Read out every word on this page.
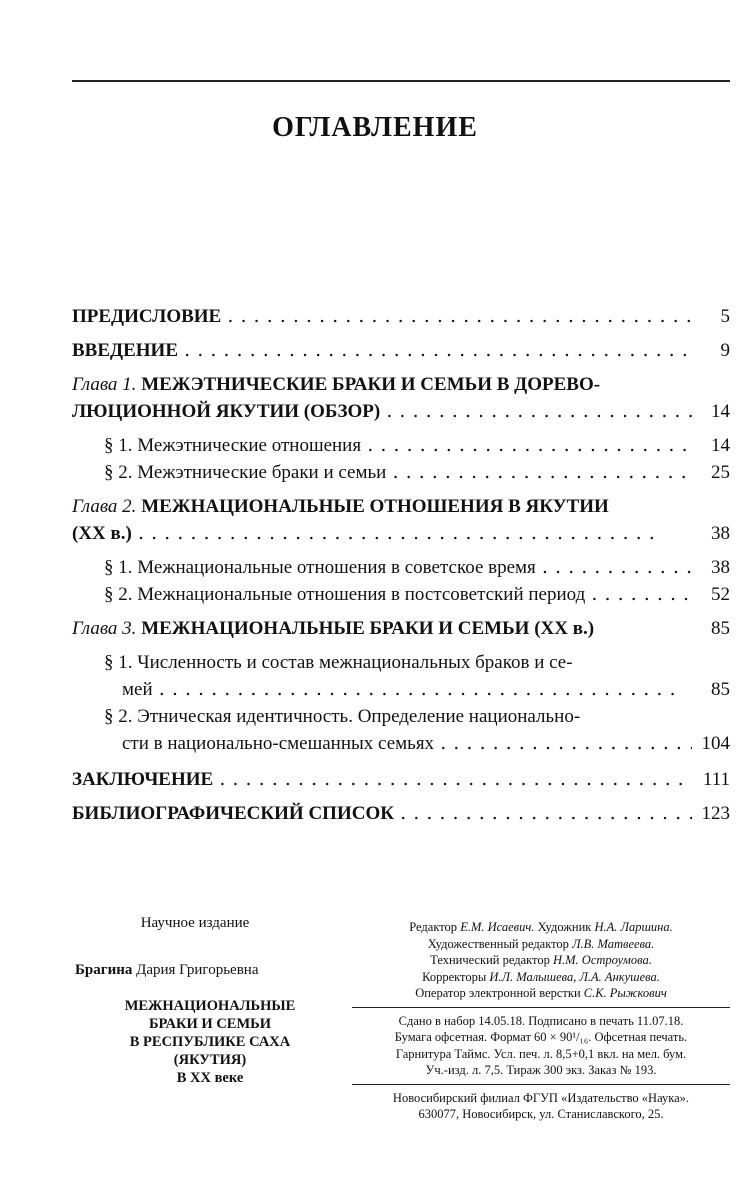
ОГЛАВЛЕНИЕ
ПРЕДИСЛОВИЕ ․ ․ ․ ․ ․ ․ ․ ․ ․ ․ ․ ․ ․ ․ ․ ․ ․ ․ ․ ․ ․ ․ ․ ․ ․ ․ ․ ․ ․ ․ ․ ․ ․ ․ ․ ․ ․ ․ ․ ․	5
ВВЕДЕНИЕ ․ ․ ․ ․ ․ ․ ․ ․ ․ ․ ․ ․ ․ ․ ․ ․ ․ ․ ․ ․ ․ ․ ․ ․ ․ ․ ․ ․ ․ ․ ․ ․ ․ ․ ․ ․ ․ ․ ․ ․	9
Глава 1.
МЕЖЭТНИЧЕСКИЕ БРАКИ И СЕМЬИ В ДОРЕВО-
ЛЮЦИОННОЙ ЯКУТИИ (ОБЗОР) ․ ․ ․ ․ ․ ․ ․ ․ ․ ․ ․ ․ ․ ․ ․ ․ ․ ․ ․ ․ ․ ․ ․ ․ ․ ․ ․ ․ ․ ․ ․ ․ ․ ․ ․ ․ ․ ․ ․ ․	14
§ 1. Межэтнические отношения ․ ․ ․ ․ ․ ․ ․ ․ ․ ․ ․ ․ ․ ․ ․ ․ ․ ․ ․ ․ ․ ․ ․ ․ ․ ․ ․ ․ ․ ․ ․ ․ ․ ․ ․ ․ ․ ․ ․ ․	14
§ 2. Межэтнические браки и семьи ․ ․ ․ ․ ․ ․ ․ ․ ․ ․ ․ ․ ․ ․ ․ ․ ․ ․ ․ ․ ․ ․ ․ ․ ․ ․ ․ ․ ․ ․ ․ ․ ․ ․ ․ ․ ․ ․ ․ ․	25
Глава 2.
МЕЖНАЦИОНАЛЬНЫЕ ОТНОШЕНИЯ В ЯКУТИИ
(XX в.) ․ ․ ․ ․ ․ ․ ․ ․ ․ ․ ․ ․ ․ ․ ․ ․ ․ ․ ․ ․ ․ ․ ․ ․ ․ ․ ․ ․ ․ ․ ․ ․ ․ ․ ․ ․ ․ ․ ․ ․	38
§ 1. Межнациональные отношения в советское время ․ ․ ․ ․ ․ ․ ․ ․ ․ ․ ․ ․ ․ ․ ․ ․ ․ ․ ․ ․ ․ ․ ․ ․ ․ ․ ․ ․ ․ ․ ․ ․ ․ ․ ․ ․ ․ ․ ․ ․	38
§ 2. Межнациональные отношения в постсоветский период ․ ․ ․ ․ ․ ․ ․ ․ ․ ․ ․ ․ ․ ․ ․ ․ ․ ․ ․ ․ ․ ․ ․ ․ ․ ․ ․ ․ ․ ․ ․ ․ ․ ․ ․ ․ ․ ․ ․ ․	52
Глава 3.
МЕЖНАЦИОНАЛЬНЫЕ БРАКИ И СЕМЬИ (XX в.)	85
§ 1. Численность и состав межнациональных браков и се-
мей ․ ․ ․ ․ ․ ․ ․ ․ ․ ․ ․ ․ ․ ․ ․ ․ ․ ․ ․ ․ ․ ․ ․ ․ ․ ․ ․ ․ ․ ․ ․ ․ ․ ․ ․ ․ ․ ․ ․ ․	85
§ 2. Этническая идентичность. Определение национально-
сти в национально-смешанных семьях ․ ․ ․ ․ ․ ․ ․ ․ ․ ․ ․ ․ ․ ․ ․ ․ ․ ․ ․ ․ ․ ․ ․ ․ ․ ․ ․ ․ ․ ․ ․ ․ ․ ․ ․ ․ ․ ․ ․ ․	104
ЗАКЛЮЧЕНИЕ ․ ․ ․ ․ ․ ․ ․ ․ ․ ․ ․ ․ ․ ․ ․ ․ ․ ․ ․ ․ ․ ․ ․ ․ ․ ․ ․ ․ ․ ․ ․ ․ ․ ․ ․ ․ ․ ․ ․ ․	111
БИБЛИОГРАФИЧЕСКИЙ СПИСОК ․ ․ ․ ․ ․ ․ ․ ․ ․ ․ ․ ․ ․ ․ ․ ․ ․ ․ ․ ․ ․ ․ ․ ․ ․ ․ ․ ․ ․ ․ ․ ․ ․ ․ ․ ․ ․ ․ ․ ․	123
Научное издание
Брагина Дария Григорьевна
МЕЖНАЦИОНАЛЬНЫЕ
БРАКИ И СЕМЬИ
В РЕСПУБЛИКЕ САХА
(ЯКУТИЯ)
В XX веке
Редактор Е.М. Исаевич. Художник Н.А. Ларшина.
Художественный редактор Л.В. Матвеева.
Технический редактор Н.М. Остроумова.
Корректоры И.Л. Малышева, Л.А. Анкушева.
Оператор электронной верстки С.К. Рыжкович
Сдано в набор 14.05.18. Подписано в печать 11.07.18.
Бумага офсетная. Формат 60 × 90¹/₁₆. Офсетная печать.
Гарнитура Таймс. Усл. печ. л. 8,5+0,1 вкл. на мел. бум.
Уч.-изд. л. 7,5. Тираж 300 экз. Заказ № 193.
Новосибирский филиал ФГУП «Издательство «Наука».
630077, Новосибирск, ул. Станиславского, 25.
